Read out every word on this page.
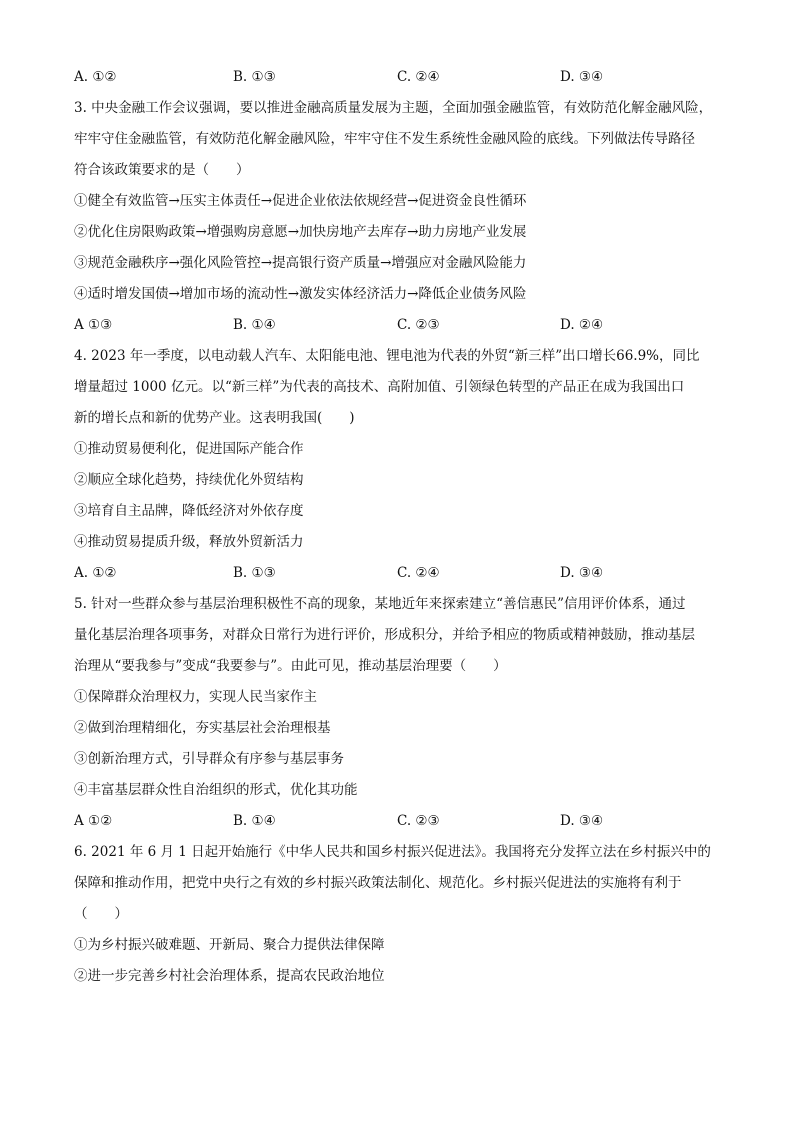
A. ①②	B. ①③	C. ②④	D. ③④
3. 中央金融工作会议强调，要以推进金融高质量发展为主题，全面加强金融监管，有效防范化解金融风险，
牢牢守住金融监管，有效防范化解金融风险，牢牢守住不发生系统性金融风险的底线。下列做法传导路径
符合该政策要求的是（　　）
①健全有效监管→压实主体责任→促进企业依法依规经营→促进资金良性循环
②优化住房限购政策→增强购房意愿→加快房地产去库存→助力房地产业发展
③规范金融秩序→强化风险管控→提高银行资产质量→增强应对金融风险能力
④适时增发国债→增加市场的流动性→激发实体经济活力→降低企业债务风险
A ①③	B. ①④	C. ②③	D. ②④
4. 2023 年一季度，以电动载人汽车、太阳能电池、锂电池为代表的外贸“新三样”出口增长66.9%，同比
增量超过 1000 亿元。以“新三样”为代表的高技术、高附加值、引领绿色转型的产品正在成为我国出口
新的增长点和新的优势产业。这表明我国(　　)
①推动贸易便利化，促进国际产能合作
②顺应全球化趋势，持续优化外贸结构
③培育自主品牌，降低经济对外依存度
④推动贸易提质升级，释放外贸新活力
A. ①②	B. ①③	C. ②④	D. ③④
5. 针对一些群众参与基层治理积极性不高的现象，某地近年来探索建立“善信惠民”信用评价体系，通过
量化基层治理各项事务，对群众日常行为进行评价，形成积分，并给予相应的物质或精神鼓励，推动基层
治理从“要我参与”变成“我要参与”。由此可见，推动基层治理要（　　）
①保障群众治理权力，实现人民当家作主
②做到治理精细化，夯实基层社会治理根基
③创新治理方式，引导群众有序参与基层事务
④丰富基层群众性自治组织的形式，优化其功能
A ①②	B. ①④	C. ②③	D. ③④
6. 2021 年 6 月 1 日起开始施行《中华人民共和国乡村振兴促进法》。我国将充分发挥立法在乡村振兴中的
保障和推动作用，把党中央行之有效的乡村振兴政策法制化、规范化。乡村振兴促进法的实施将有利于
（　　）
①为乡村振兴破难题、开新局、聚合力提供法律保障
②进一步完善乡村社会治理体系，提高农民政治地位
